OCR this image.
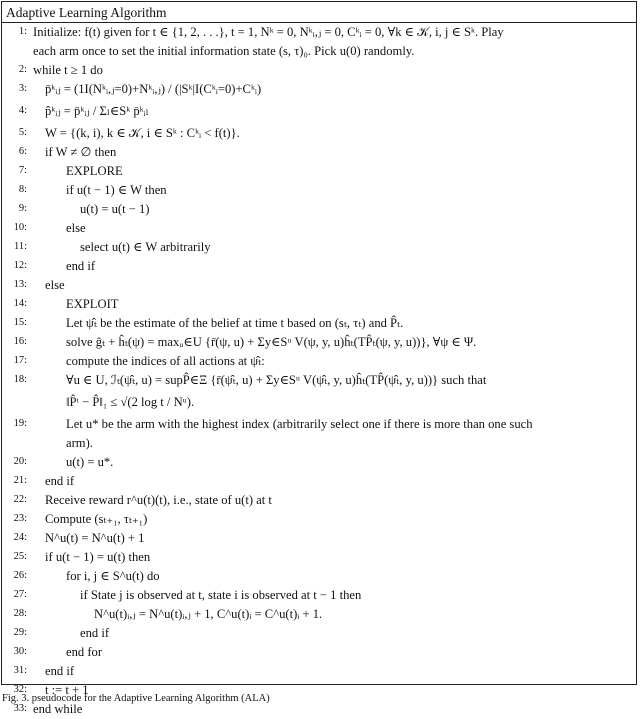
Adaptive Learning Algorithm
1: Initialize: f(t) given for t ∈ {1, 2, . . .}, t = 1, Nᵏ = 0, Nᵏᵢ,ⱼ = 0, Cᵏᵢ = 0, ∀k ∈ 𝒦, i, j ∈ Sᵏ. Play
each arm once to set the initial information state (s, τ)₀. Pick u(0) randomly.
2: while t ≥ 1 do
3: p̄ᵏᵢⱼ = (1I(Nᵏᵢ,ⱼ=0)+Nᵏᵢ,ⱼ) / (|Sᵏ|I(Cᵏᵢ=0)+Cᵏᵢ)
4: p̂ᵏᵢⱼ = p̄ᵏᵢⱼ / Σₗ∈Sᵏ p̄ᵏᵢₗ
5: W = {(k, i), k ∈ 𝒦, i ∈ Sᵏ : Cᵏᵢ < f(t)}.
6: if W ≠ ∅ then
7:	EXPLORE
8:	if u(t − 1) ∈ W then
9:	u(t) = u(t − 1)
10:	else
11:	select u(t) ∈ W arbitrarily
12:	end if
13: else
14:	EXPLOIT
15:	Let ψ̂ₜ be the estimate of the belief at time t based on (sₜ, τₜ) and P̂ₜ.
16:	solve ĝₜ + ĥₜ(ψ) = maxᵤ∈U {r̄(ψ, u) + Σy∈Sᵘ V(ψ, y, u)ĥₜ(TP̂ₜ(ψ, y, u))}, ∀ψ ∈ Ψ.
17:	compute the indices of all actions at ψ̂ₜ:
18:	∀u ∈ U, ℐₜ(ψ̂ₜ, u) = supP̂∈Ξ {r̄(ψ̂ₜ, u) + Σy∈Sᵘ V(ψ̂ₜ, y, u)ĥₜ(TP̂(ψ̂ₜ, y, u))} such that
‖P̂ᵗ − P̂‖₁ ≤ √(2 log t / Nᵘ).
19:	Let u* be the arm with the highest index (arbitrarily select one if there is more than one such
arm).
20:	u(t) = u*.
21: end if
22: Receive reward r^u(t)(t), i.e., state of u(t) at t
23: Compute (sₜ₊₁, τₜ₊₁)
24: N^u(t) = N^u(t) + 1
25: if u(t − 1) = u(t) then
26:	for i, j ∈ S^u(t) do
27:	if State j is observed at t, state i is observed at t − 1 then
28:	N^u(t)ᵢ,ⱼ = N^u(t)ᵢ,ⱼ + 1, C^u(t)ᵢ = C^u(t)ᵢ + 1.
29:	end if
30:	end for
31: end if
32: t := t + 1
33: end while
Fig. 3. pseudocode for the Adaptive Learning Algorithm (ALA)
